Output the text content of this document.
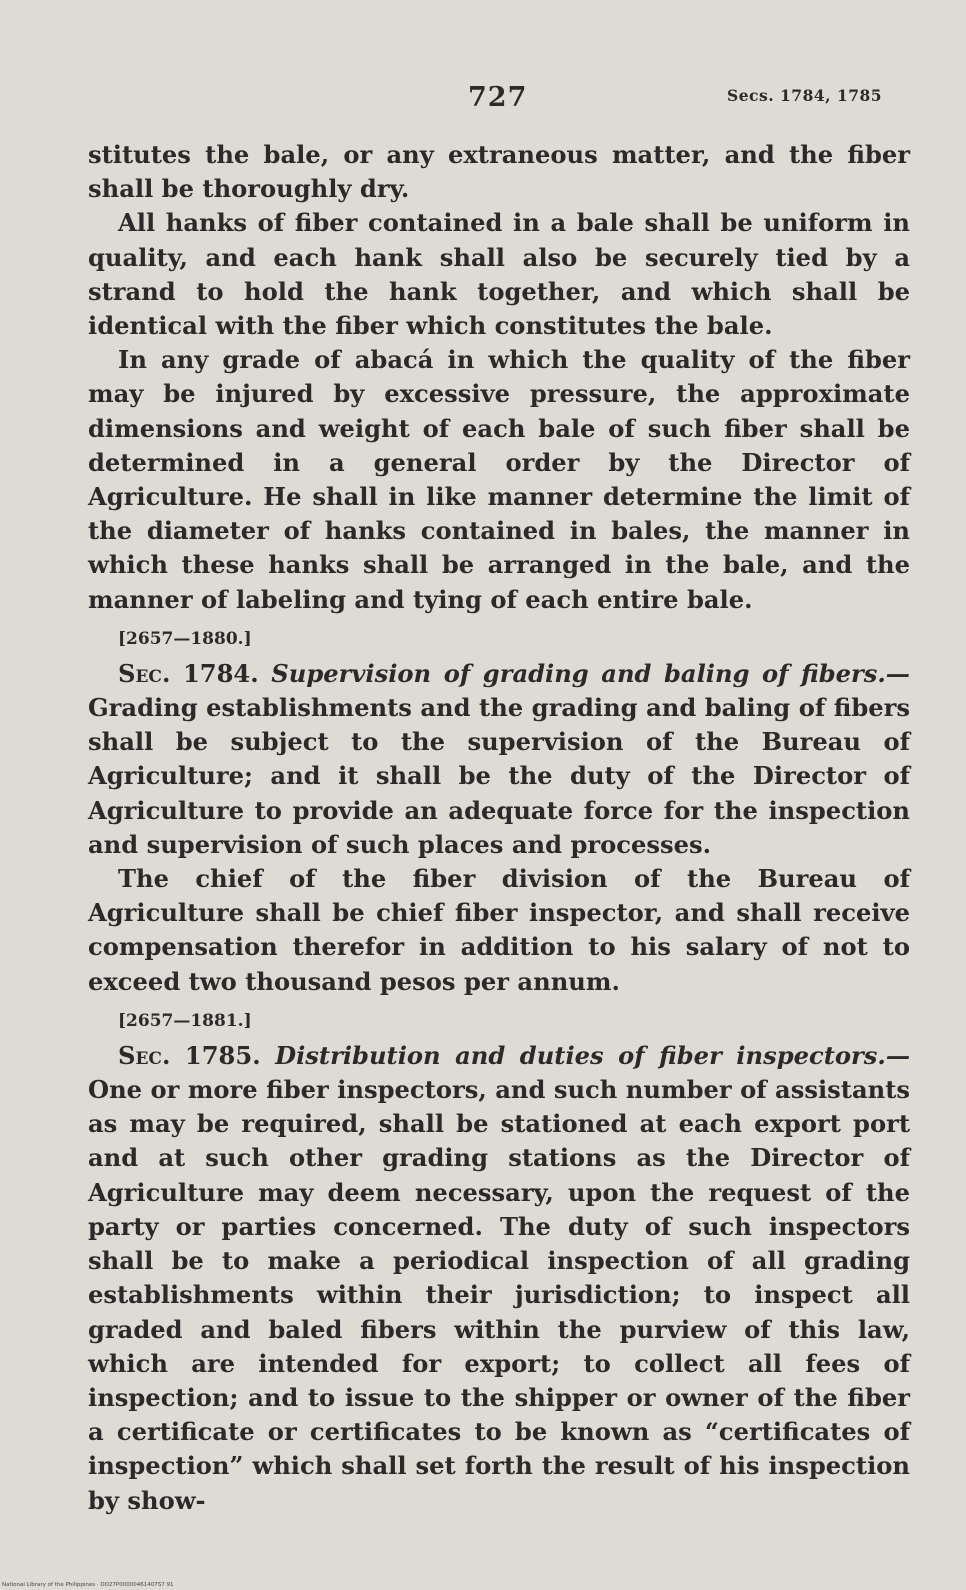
727	Secs. 1784, 1785

stitutes the bale, or any extraneous matter, and the fiber shall be thoroughly dry.

All hanks of fiber contained in a bale shall be uniform in quality, and each hank shall also be securely tied by a strand to hold the hank together, and which shall be identical with the fiber which constitutes the bale.

In any grade of abacá in which the quality of the fiber may be injured by excessive pressure, the approximate dimensions and weight of each bale of such fiber shall be determined in a general order by the Director of Agriculture. He shall in like manner determine the limit of the diameter of hanks contained in bales, the manner in which these hanks shall be arranged in the bale, and the manner of labeling and tying of each entire bale.

[2657—1880.]

Sec. 1784. Supervision of grading and baling of fibers.— Grading establishments and the grading and baling of fibers shall be subject to the supervision of the Bureau of Agriculture; and it shall be the duty of the Director of Agriculture to provide an adequate force for the inspection and supervision of such places and processes.

The chief of the fiber division of the Bureau of Agriculture shall be chief fiber inspector, and shall receive compensation therefor in addition to his salary of not to exceed two thousand pesos per annum.

[2657—1881.]

Sec. 1785. Distribution and duties of fiber inspectors.— One or more fiber inspectors, and such number of assistants as may be required, shall be stationed at each export port and at such other grading stations as the Director of Agriculture may deem necessary, upon the request of the party or parties concerned. The duty of such inspectors shall be to make a periodical inspection of all grading establishments within their jurisdiction; to inspect all graded and baled fibers within the purview of this law, which are intended for export; to collect all fees of inspection; and to issue to the shipper or owner of the fiber a certificate or certificates to be known as “certificates of inspection” which shall set forth the result of his inspection by show-

National Library of the Philippines · DO27P00000461407S7 91
